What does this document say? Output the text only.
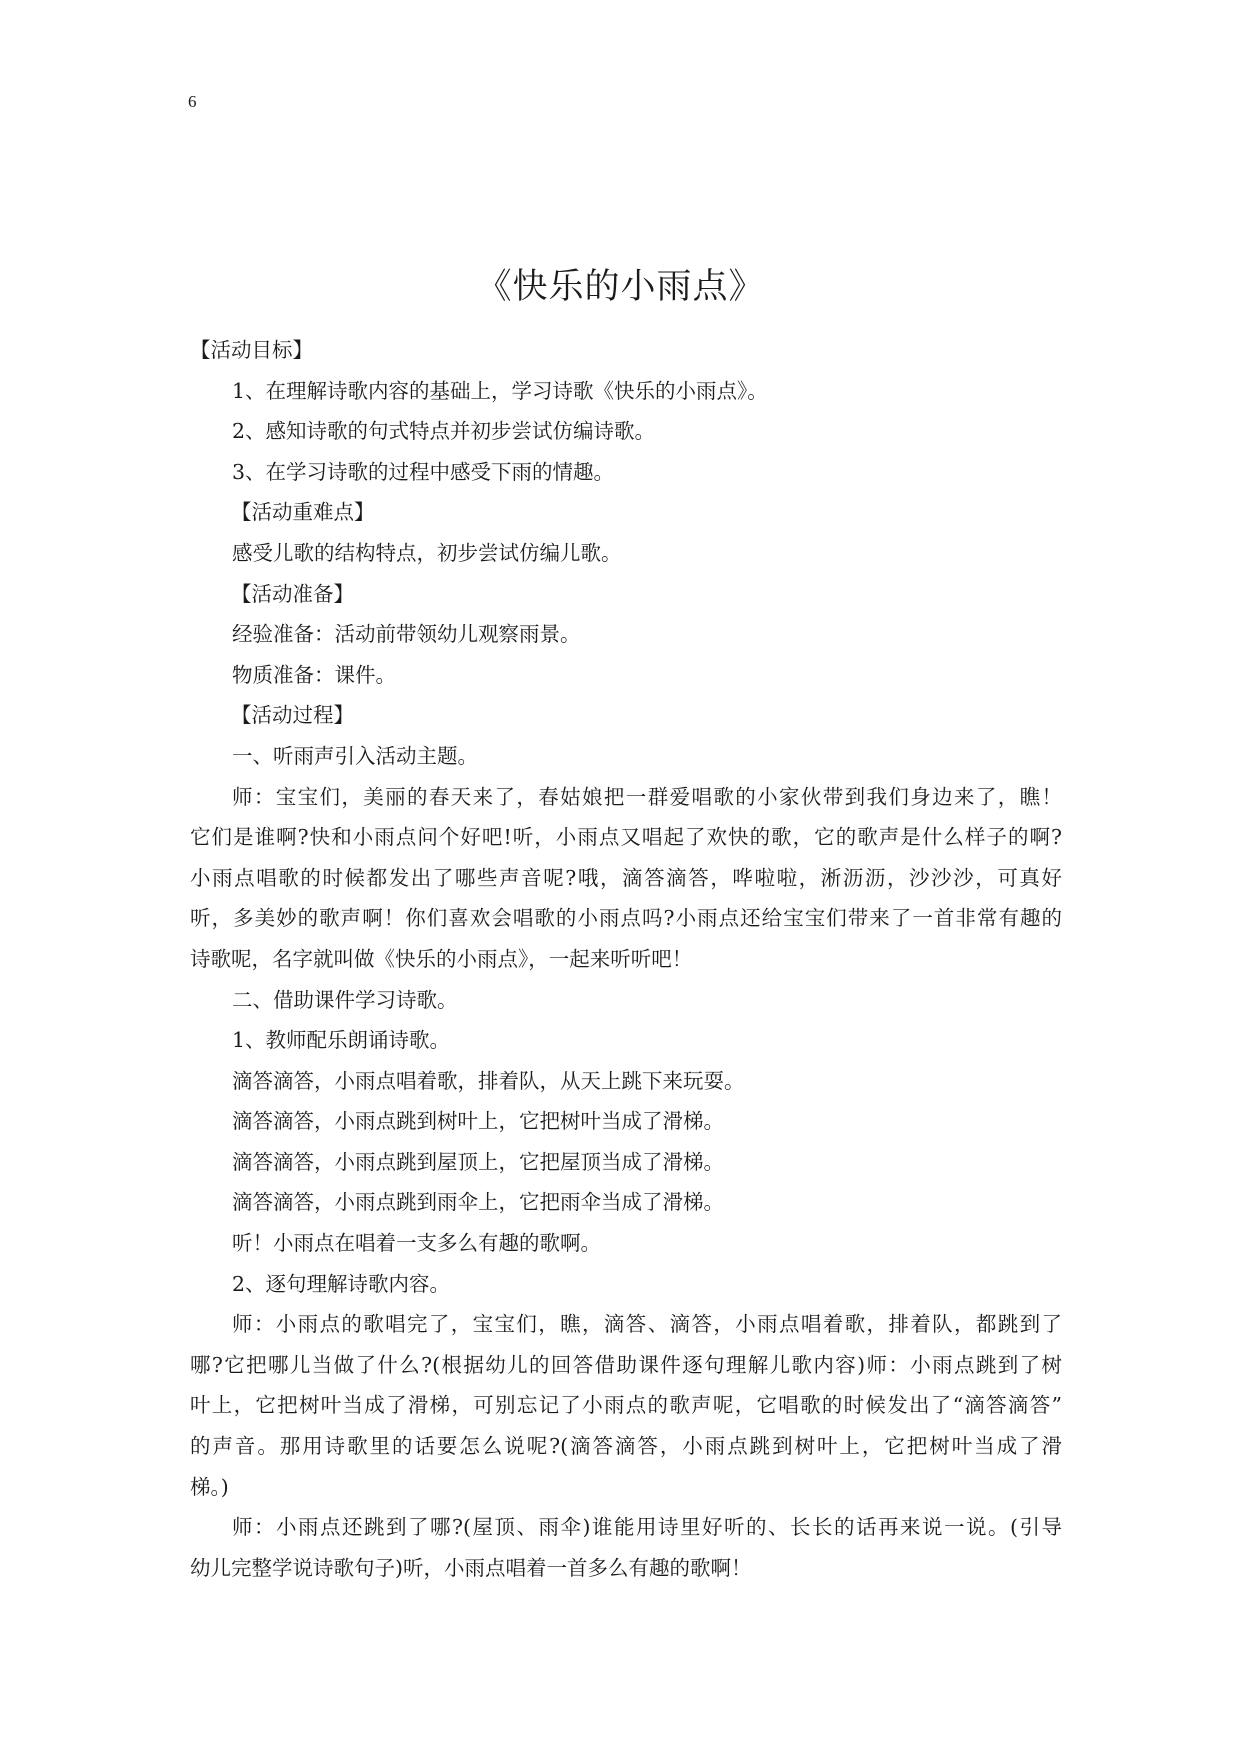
6
《快乐的小雨点》
【活动目标】
1、在理解诗歌内容的基础上，学习诗歌《快乐的小雨点》。
2、感知诗歌的句式特点并初步尝试仿编诗歌。
3、在学习诗歌的过程中感受下雨的情趣。
【活动重难点】
感受儿歌的结构特点，初步尝试仿编儿歌。
【活动准备】
经验准备：活动前带领幼儿观察雨景。
物质准备：课件。
【活动过程】
一、听雨声引入活动主题。
师：宝宝们，美丽的春天来了，春姑娘把一群爱唱歌的小家伙带到我们身边来了，瞧！
它们是谁啊?快和小雨点问个好吧!听，小雨点又唱起了欢快的歌，它的歌声是什么样子的啊?
小雨点唱歌的时候都发出了哪些声音呢?哦，滴答滴答，哗啦啦，淅沥沥，沙沙沙，可真好
听，多美妙的歌声啊！你们喜欢会唱歌的小雨点吗?小雨点还给宝宝们带来了一首非常有趣的
诗歌呢，名字就叫做《快乐的小雨点》，一起来听听吧！
二、借助课件学习诗歌。
1、教师配乐朗诵诗歌。
滴答滴答，小雨点唱着歌，排着队，从天上跳下来玩耍。
滴答滴答，小雨点跳到树叶上，它把树叶当成了滑梯。
滴答滴答，小雨点跳到屋顶上，它把屋顶当成了滑梯。
滴答滴答，小雨点跳到雨伞上，它把雨伞当成了滑梯。
听！小雨点在唱着一支多么有趣的歌啊。
2、逐句理解诗歌内容。
师：小雨点的歌唱完了，宝宝们，瞧，滴答、滴答，小雨点唱着歌，排着队，都跳到了
哪?它把哪儿当做了什么?(根据幼儿的回答借助课件逐句理解儿歌内容)师：小雨点跳到了树
叶上，它把树叶当成了滑梯，可别忘记了小雨点的歌声呢，它唱歌的时候发出了“滴答滴答”
的声音。那用诗歌里的话要怎么说呢?(滴答滴答，小雨点跳到树叶上，它把树叶当成了滑
梯。)
师：小雨点还跳到了哪?(屋顶、雨伞)谁能用诗里好听的、长长的话再来说一说。(引导
幼儿完整学说诗歌句子)听，小雨点唱着一首多么有趣的歌啊！
